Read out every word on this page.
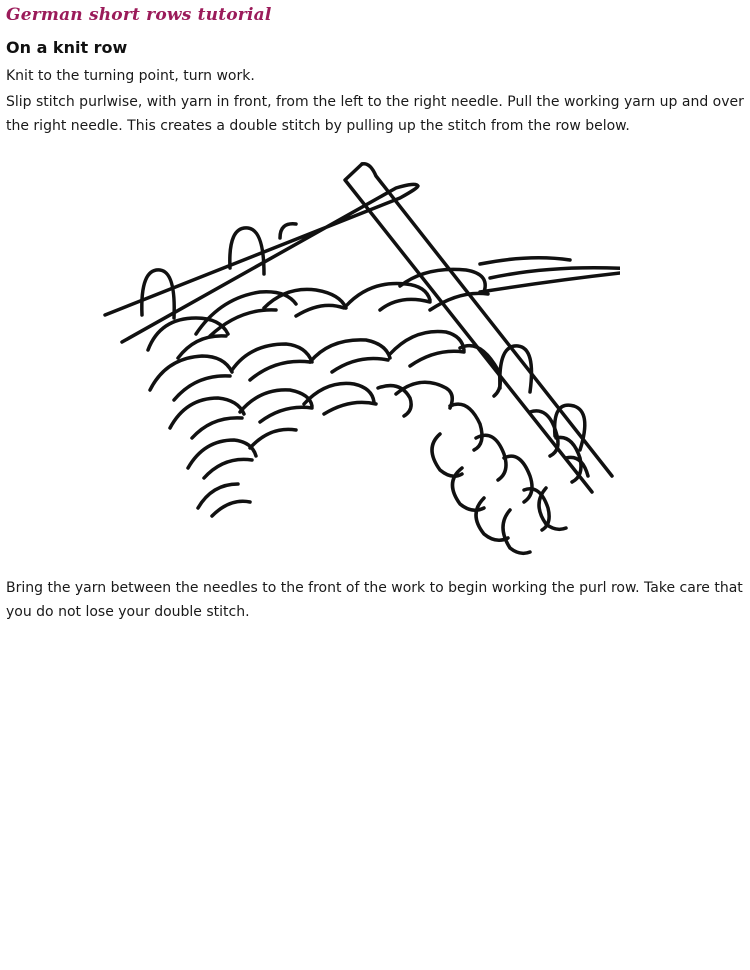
German short rows tutorial
On a knit row

Knit to the turning point, turn work.

Slip stitch purlwise, with yarn in front, from the left to the right needle. Pull the working yarn up and over the right needle. This creates a double stitch by pulling up the stitch from the row below.

Bring the yarn between the needles to the front of the work to begin working the purl row. Take care that you do not lose your double stitch.
